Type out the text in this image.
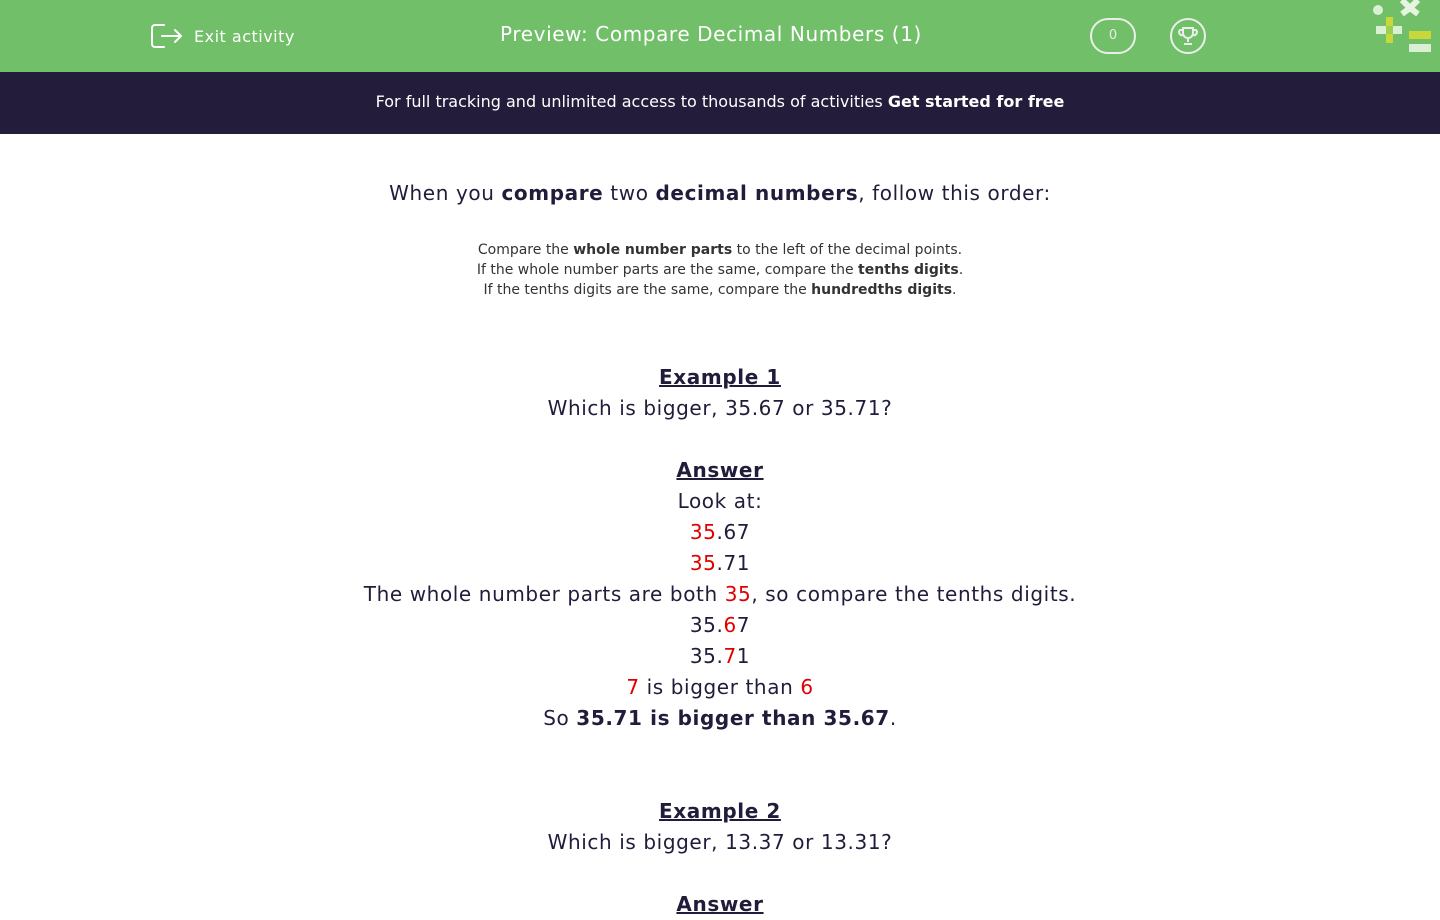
Exit activity	Preview: Compare Decimal Numbers (1)	0
For full tracking and unlimited access to thousands of activities Get started for free

When you compare two decimal numbers, follow this order:

Compare the whole number parts to the left of the decimal points.

If the whole number parts are the same, compare the tenths digits.

If the tenths digits are the same, compare the hundredths digits.

Example 1

Which is bigger, 35.67 or 35.71?

Answer

Look at:

35.67

35.71

The whole number parts are both 35, so compare the tenths digits.

35.67

35.71

7 is bigger than 6

So 35.71 is bigger than 35.67.

Example 2

Which is bigger, 13.37 or 13.31?

Answer
